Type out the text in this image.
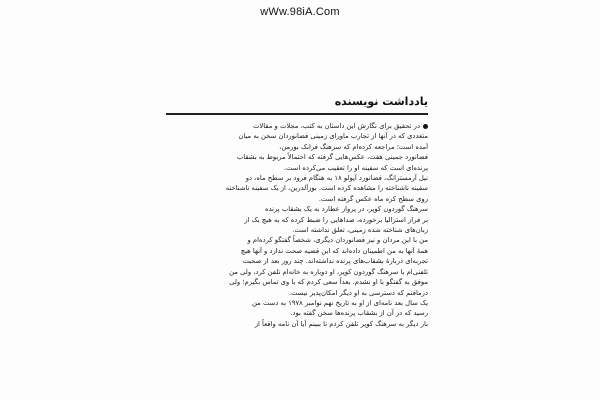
wWw.98iA.Com
یادداشت نویسنده
در تحقیق برای نگارش این داستان به کتب، مجلات و مقالات
متعددی که در آنها از تجارب ماورای زمینی فضانوردان سخن به میان
آمده است؛ مراجعه کرده‌ام که سرهنگ فرانک بورمن،
فضانورد جمینی هفت، عکس‌هایی گرفته که احتمالاً مربوط به بشقاب
پرنده‌ای است که سفینه او را تعقیب می‌کرده است.
نیل آرمسترانگ، فضانورد آپولو ۱۸ به هنگام فرود بر سطح ماه، دو
سفینه ناشناخته را مشاهده کرده است. بوزآلدرین، از یک سفینه ناشناخته
روی سطح کره ماه عکس گرفته است.
سرهنگ گوردون کوپر، در پرواز عطارد به یک بشقاب پرنده
بر فراز استرالیا برخورده، صداهایی را ضبط کرده که به هیچ یک از
زبان‌های شناخته شده زمینی، تعلق نداشته است.
من با این مردان و نیز فضانوردان دیگری، شخصاً گفتگو کرده‌ام و
همهٔ آنها به من اطمینان داده‌اند که این قضیه صحت ندارد و آنها هیچ
تجربه‌ای دربارهٔ بشقاب‌های پرنده نداشته‌اند. چند روز بعد از صحبت
تلفنی‌ام با سرهنگ گوردون کوپر، او دوباره به خانه‌ام تلفن کرد، ولی من
موفق به گفتگو با او نشدم. بعداً سعی کردم که با وی تماس بگیرم؛ ولی
درمافتم که دسترسی به او دیگر امکان‌پذیر نیست.
یک سال بعد نامه‌ای از او به تاریخ نهم نوامبر ۱۹۷۸ به دست من
رسید که در آن از بشقاب پرنده‌ها سخن گفته بود.
بار دیگر به سرهنگ کوپر تلفن کردم تا ببینم آیا آن نامه واقعاً از
